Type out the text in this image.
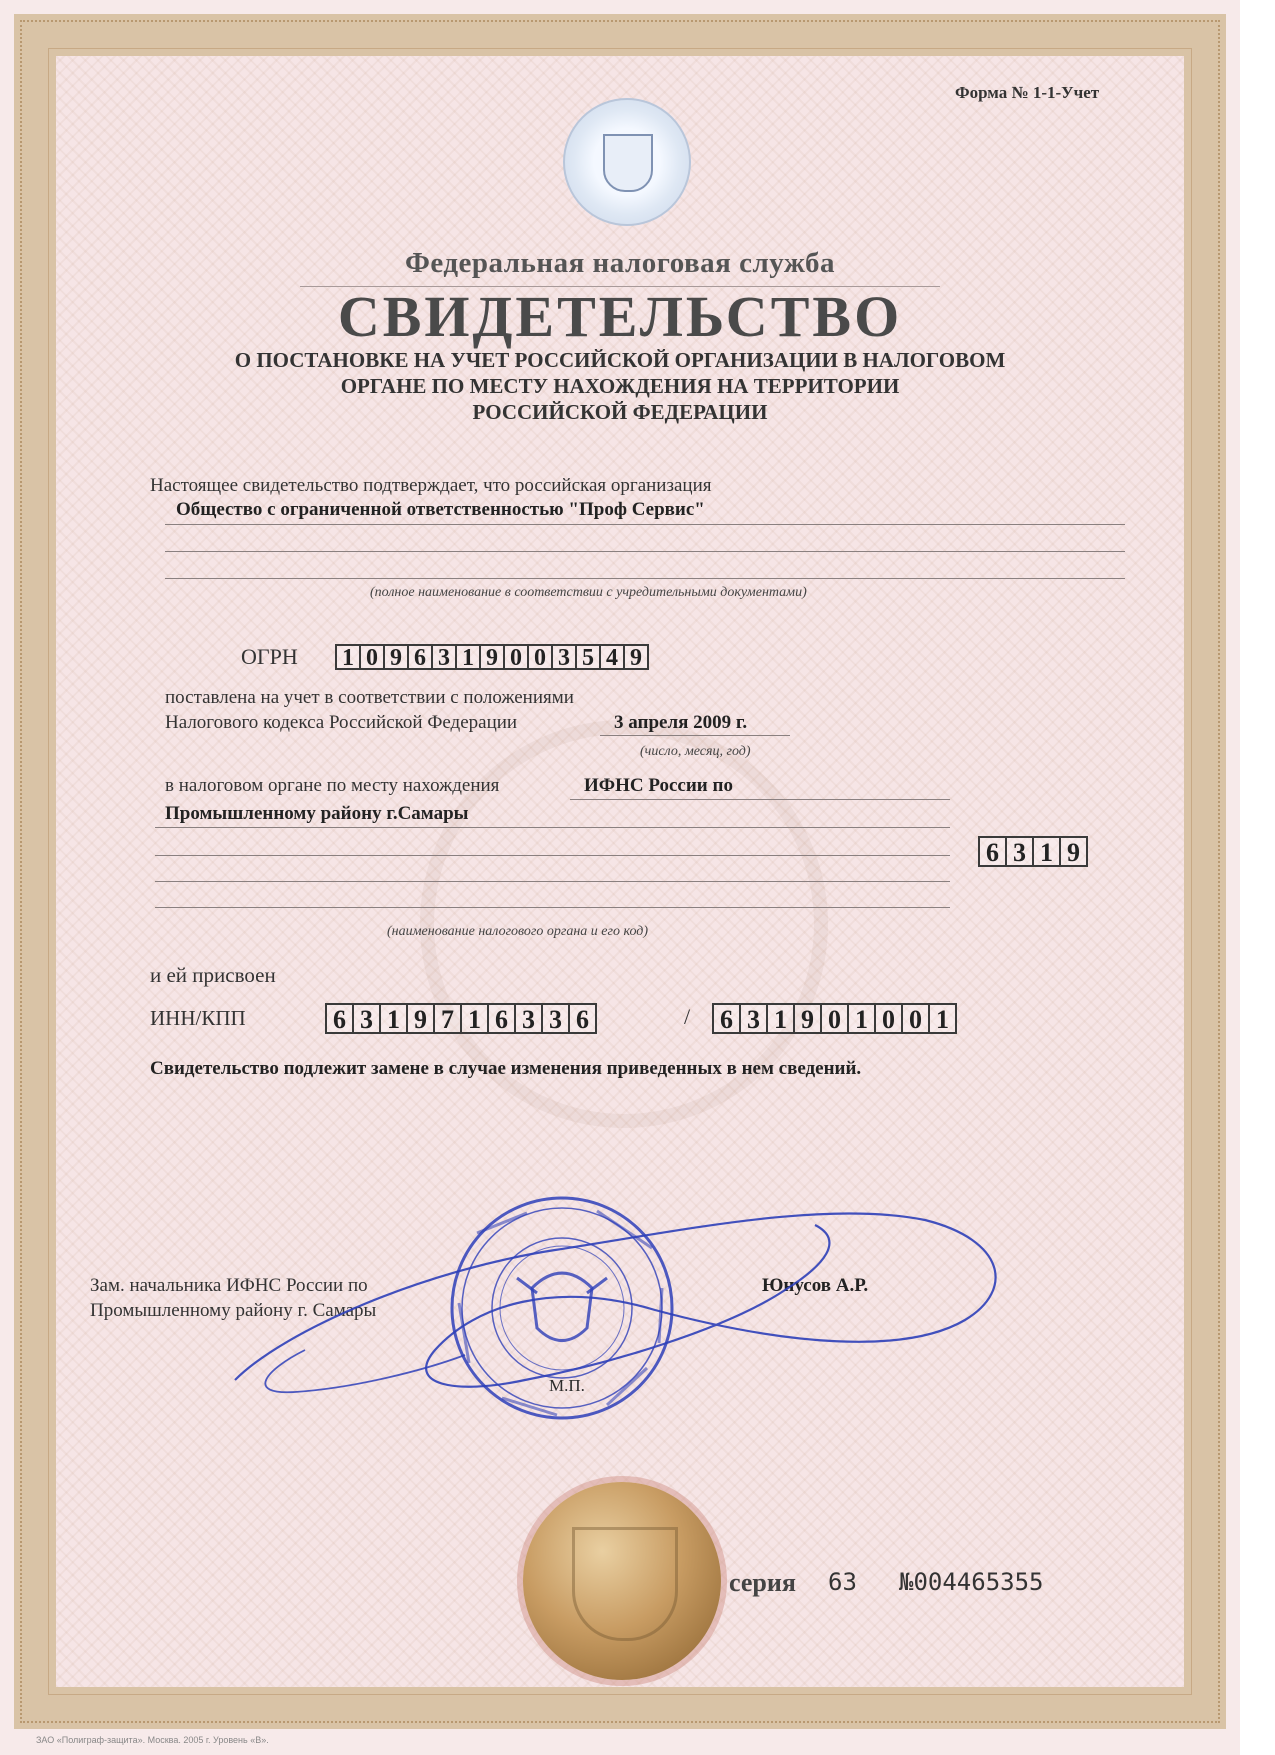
Форма № 1-1-Учет
Федеральная налоговая служба
СВИДЕТЕЛЬСТВО
О ПОСТАНОВКЕ НА УЧЕТ РОССИЙСКОЙ ОРГАНИЗАЦИИ В НАЛОГОВОМ
ОРГАНЕ ПО МЕСТУ НАХОЖДЕНИЯ НА ТЕРРИТОРИИ
РОССИЙСКОЙ ФЕДЕРАЦИИ
Настоящее свидетельство подтверждает, что российская организация
Общество с ограниченной ответственностью "Проф Сервис"
(полное наименование в соответствии с учредительными документами)
ОГРН 1 0 9 6 3 1 9 0 0 3 5 4 9
поставлена на учет в соответствии с положениями
Налогового кодекса Российской Федерации	3 апреля 2009 г.
(число, месяц, год)
в налоговом органе по месту нахождения	ИФНС России по
Промышленному району г.Самары
6 3 1 9
(наименование налогового органа и его код)
и ей присвоен
ИНН/КПП	6 3 1 9 7 1 6 3 3 6	/	6 3 1 9 0 1 0 0 1
Свидетельство подлежит замене в случае изменения приведенных в нем сведений.
Зам. начальника ИФНС России по
Промышленному району г. Самары
Юнусов А.Р.
М.П.
серия 63 №004465355
ЗАО «Полиграф-защита». Москва. 2005 г. Уровень «В».
